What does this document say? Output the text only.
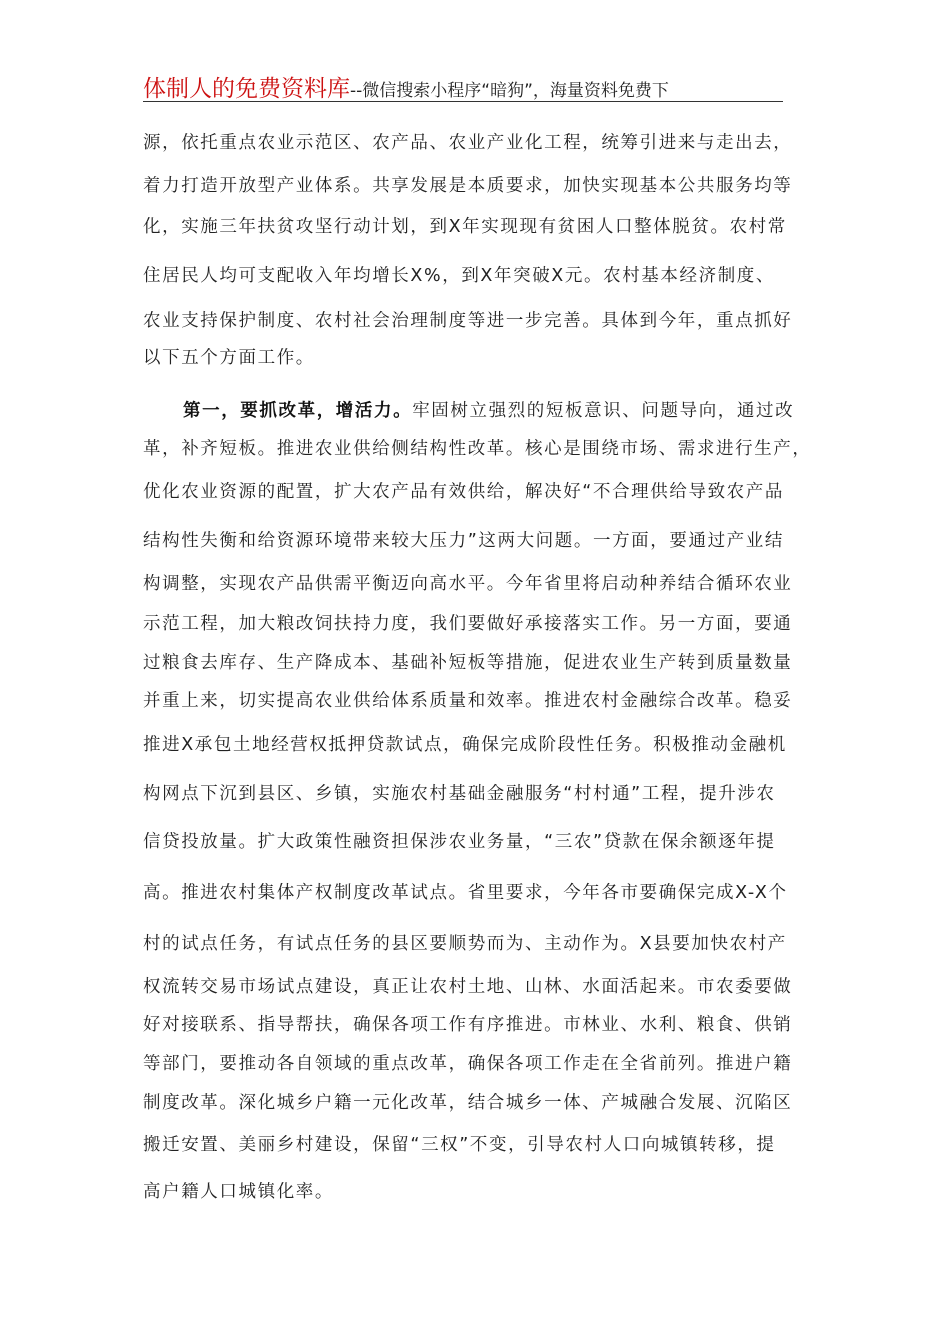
体制人的免费资料库--微信搜索小程序“暗狗”，海量资料免费下
源，依托重点农业示范区、农产品、农业产业化工程，统筹引进来与走出去，
着力打造开放型产业体系。共享发展是本质要求，加快实现基本公共服务均等
化，实施三年扶贫攻坚行动计划，到X年实现现有贫困人口整体脱贫。农村常
住居民人均可支配收入年均增长X%，到X年突破X元。农村基本经济制度、
农业支持保护制度、农村社会治理制度等进一步完善。具体到今年，重点抓好
以下五个方面工作。
第一，要抓改革，增活力。牢固树立强烈的短板意识、问题导向，通过改
革，补齐短板。推进农业供给侧结构性改革。核心是围绕市场、需求进行生产，
优化农业资源的配置，扩大农产品有效供给，解决好“不合理供给导致农产品
结构性失衡和给资源环境带来较大压力”这两大问题。一方面，要通过产业结
构调整，实现农产品供需平衡迈向高水平。今年省里将启动种养结合循环农业
示范工程，加大粮改饲扶持力度，我们要做好承接落实工作。另一方面，要通
过粮食去库存、生产降成本、基础补短板等措施，促进农业生产转到质量数量
并重上来，切实提高农业供给体系质量和效率。推进农村金融综合改革。稳妥
推进X承包土地经营权抵押贷款试点，确保完成阶段性任务。积极推动金融机
构网点下沉到县区、乡镇，实施农村基础金融服务“村村通”工程，提升涉农
信贷投放量。扩大政策性融资担保涉农业务量，“三农”贷款在保余额逐年提
高。推进农村集体产权制度改革试点。省里要求，今年各市要确保完成X-X个
村的试点任务，有试点任务的县区要顺势而为、主动作为。X县要加快农村产
权流转交易市场试点建设，真正让农村土地、山林、水面活起来。市农委要做
好对接联系、指导帮扶，确保各项工作有序推进。市林业、水利、粮食、供销
等部门，要推动各自领域的重点改革，确保各项工作走在全省前列。推进户籍
制度改革。深化城乡户籍一元化改革，结合城乡一体、产城融合发展、沉陷区
搬迁安置、美丽乡村建设，保留“三权”不变，引导农村人口向城镇转移，提
高户籍人口城镇化率。
